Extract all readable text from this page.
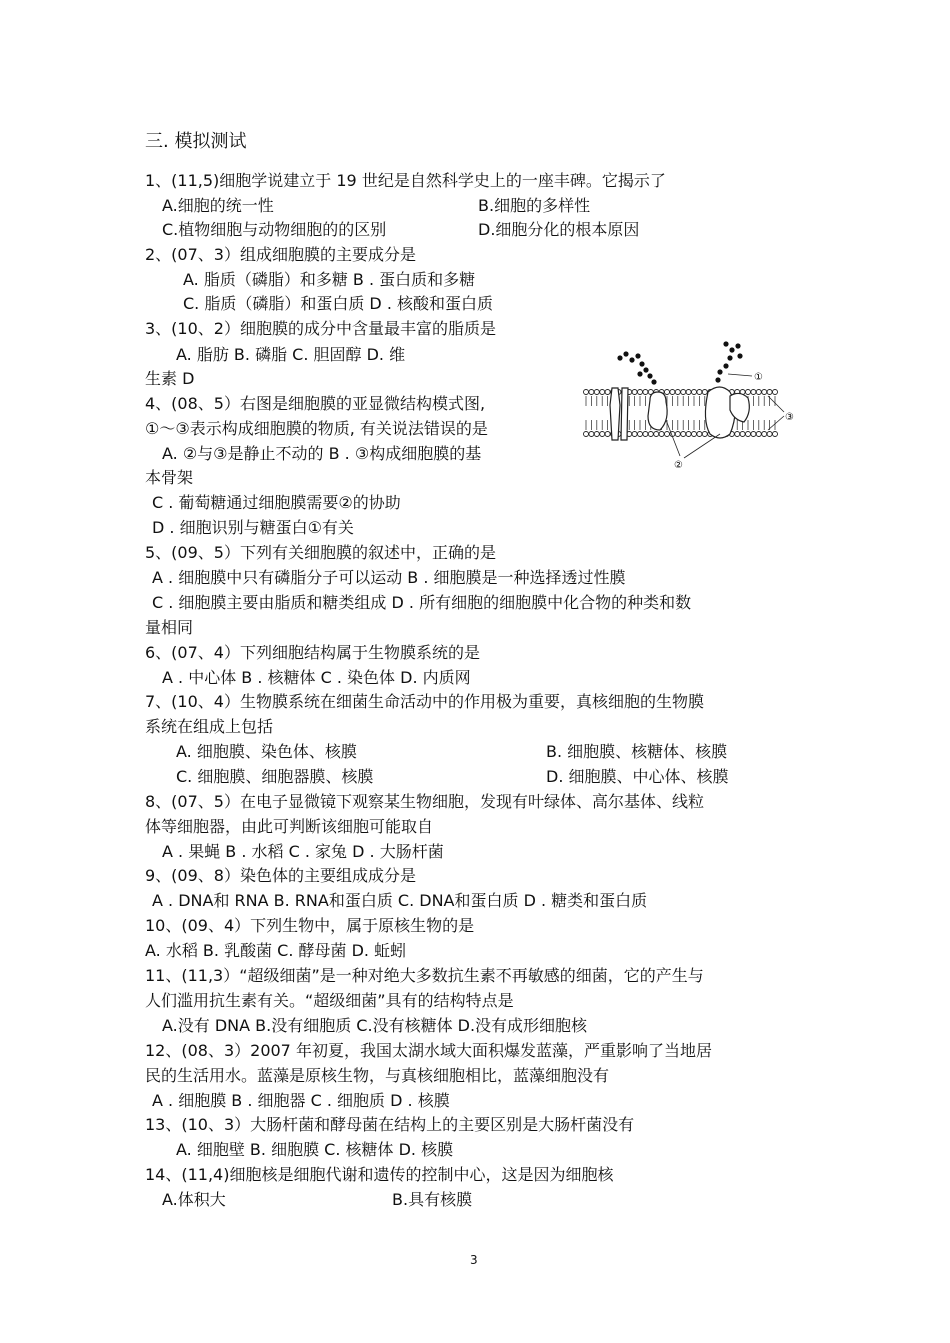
三. 模拟测试
1、(11,5)细胞学说建立于 19 世纪是自然科学史上的一座丰碑。它揭示了
A.细胞的统一性	B.细胞的多样性
C.植物细胞与动物细胞的的区别	D.细胞分化的根本原因
2、(07、3）组成细胞膜的主要成分是
A. 脂质（磷脂）和多糖 B . 蛋白质和多糖
C. 脂质（磷脂）和蛋白质 D . 核酸和蛋白质
3、(10、2）细胞膜的成分中含量最丰富的脂质是
A. 脂肪 B. 磷脂 C. 胆固醇 D. 维
生素 D
4、(08、5）右图是细胞膜的亚显微结构模式图,
①～③表示构成细胞膜的物质, 有关说法错误的是
A. ②与③是静止不动的 B . ③构成细胞膜的基
本骨架
C . 葡萄糖通过细胞膜需要②的协助
D . 细胞识别与糖蛋白①有关
5、(09、5）下列有关细胞膜的叙述中，正确的是
A . 细胞膜中只有磷脂分子可以运动 B . 细胞膜是一种选择透过性膜
C . 细胞膜主要由脂质和糖类组成 D . 所有细胞的细胞膜中化合物的种类和数
量相同
6、(07、4）下列细胞结构属于生物膜系统的是
A . 中心体 B . 核糖体 C . 染色体 D. 内质网
7、(10、4）生物膜系统在细菌生命活动中的作用极为重要，真核细胞的生物膜
系统在组成上包括
A. 细胞膜、染色体、核膜	B. 细胞膜、核糖体、核膜
C. 细胞膜、细胞器膜、核膜	D. 细胞膜、中心体、核膜
8、(07、5）在电子显微镜下观察某生物细胞，发现有叶绿体、高尔基体、线粒
体等细胞器，由此可判断该细胞可能取自
A . 果蝇 B . 水稻 C . 家兔 D . 大肠杆菌
9、(09、8）染色体的主要组成成分是
A . DNA和 RNA B. RNA和蛋白质 C. DNA和蛋白质 D . 糖类和蛋白质
10、(09、4）下列生物中，属于原核生物的是
A. 水稻 B. 乳酸菌 C. 酵母菌 D. 蚯蚓
11、(11,3）“超级细菌”是一种对绝大多数抗生素不再敏感的细菌，它的产生与
人们滥用抗生素有关。“超级细菌”具有的结构特点是
A.没有 DNA B.没有细胞质 C.没有核糖体 D.没有成形细胞核
12、(08、3）2007 年初夏，我国太湖水域大面积爆发蓝藻，严重影响了当地居
民的生活用水。蓝藻是原核生物，与真核细胞相比，蓝藻细胞没有
A . 细胞膜 B . 细胞器 C . 细胞质 D . 核膜
13、(10、3）大肠杆菌和酵母菌在结构上的主要区别是大肠杆菌没有
A. 细胞壁 B. 细胞膜 C. 核糖体 D. 核膜
14、(11,4)细胞核是细胞代谢和遗传的控制中心，这是因为细胞核
A.体积大	B.具有核膜
①
②
③
3
